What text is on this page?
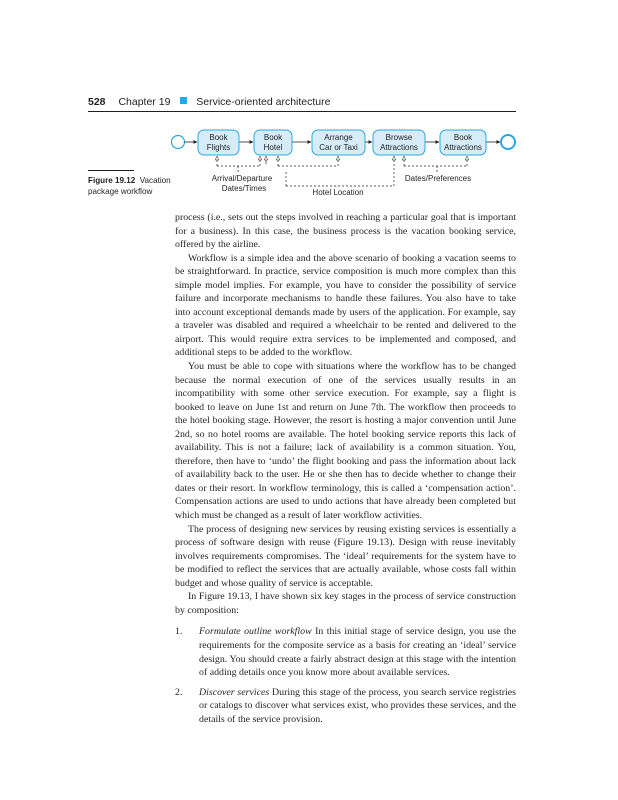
528 Chapter 19 Service-oriented architecture
Book
Flights
Book
Hotel
Arrange
Car or Taxi
Browse
Attractions
Book
Attractions
Arrival/Departure
Dates/Times	Hotel Location
Dates/Preferences
Figure 19.12 Vacation package workflow

process (i.e., sets out the steps involved in reaching a particular goal that is important for a business). In this case, the business process is the vacation booking service, offered by the airline.

Workflow is a simple idea and the above scenario of booking a vacation seems to be straightforward. In practice, service composition is much more complex than this simple model implies. For example, you have to consider the possibility of service failure and incorporate mechanisms to handle these failures. You also have to take into account exceptional demands made by users of the application. For example, say a traveler was disabled and required a wheelchair to be rented and delivered to the airport. This would require extra services to be implemented and composed, and additional steps to be added to the workflow.

You must be able to cope with situations where the workflow has to be changed because the normal execution of one of the services usually results in an incompatibility with some other service execution. For example, say a flight is booked to leave on June 1st and return on June 7th. The workflow then proceeds to the hotel booking stage. However, the resort is hosting a major convention until June 2nd, so no hotel rooms are available. The hotel booking service reports this lack of availability. This is not a failure; lack of availability is a common situation. You, therefore, then have to ‘undo’ the flight booking and pass the information about lack of availability back to the user. He or she then has to decide whether to change their dates or their resort. In workflow terminology, this is called a ‘compensation action’. Compensation actions are used to undo actions that have already been completed but which must be changed as a result of later workflow activities.

The process of designing new services by reusing existing services is essentially a process of software design with reuse (Figure 19.13). Design with reuse inevitably involves requirements compromises. The ‘ideal’ requirements for the system have to be modified to reflect the services that are actually available, whose costs fall within budget and whose quality of service is acceptable.

In Figure 19.13, I have shown six key stages in the process of service construction by composition:

1. Formulate outline workflow In this initial stage of service design, you use the requirements for the composite service as a basis for creating an ‘ideal’ service design. You should create a fairly abstract design at this stage with the intention of adding details once you know more about available services.
2. Discover services During this stage of the process, you search service registries or catalogs to discover what services exist, who provides these services, and the details of the service provision.
